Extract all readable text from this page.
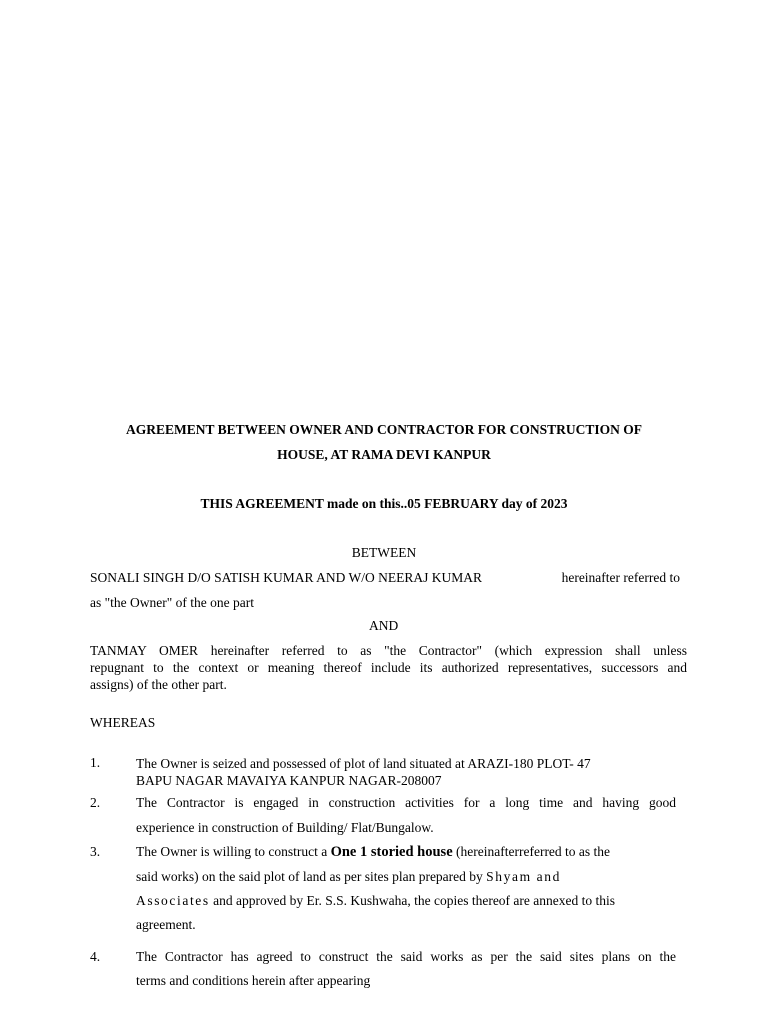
AGREEMENT BETWEEN OWNER AND CONTRACTOR FOR CONSTRUCTION OF
HOUSE, AT RAMA DEVI KANPUR
THIS AGREEMENT made on this..05 FEBRUARY day of 2023
BETWEEN
SONALI SINGH D/O SATISH KUMAR AND W/O NEERAJ KUMAR	hereinafter referred to
as "the Owner" of the one part
AND
TANMAY OMER hereinafter referred to as "the Contractor" (which expression shall unless
repugnant to the context or meaning thereof include its authorized representatives, successors and
assigns) of the other part.
WHEREAS
1.	The Owner is seized and possessed of plot of land situated at ARAZI-180 PLOT- 47
BAPU NAGAR MAVAIYA KANPUR NAGAR-208007
2.	The Contractor is engaged in construction activities for a long time and having good
experience in construction of Building/ Flat/Bungalow.
3.	The Owner is willing to construct a One 1 storied house (hereinafterreferred to as the
said works) on the said plot of land as per sites plan prepared by Shyam and
Associates and approved by Er. S.S. Kushwaha, the copies thereof are annexed to this
agreement.
4.	The Contractor has agreed to construct the said works as per the said sites plans on the
terms and conditions herein after appearing
